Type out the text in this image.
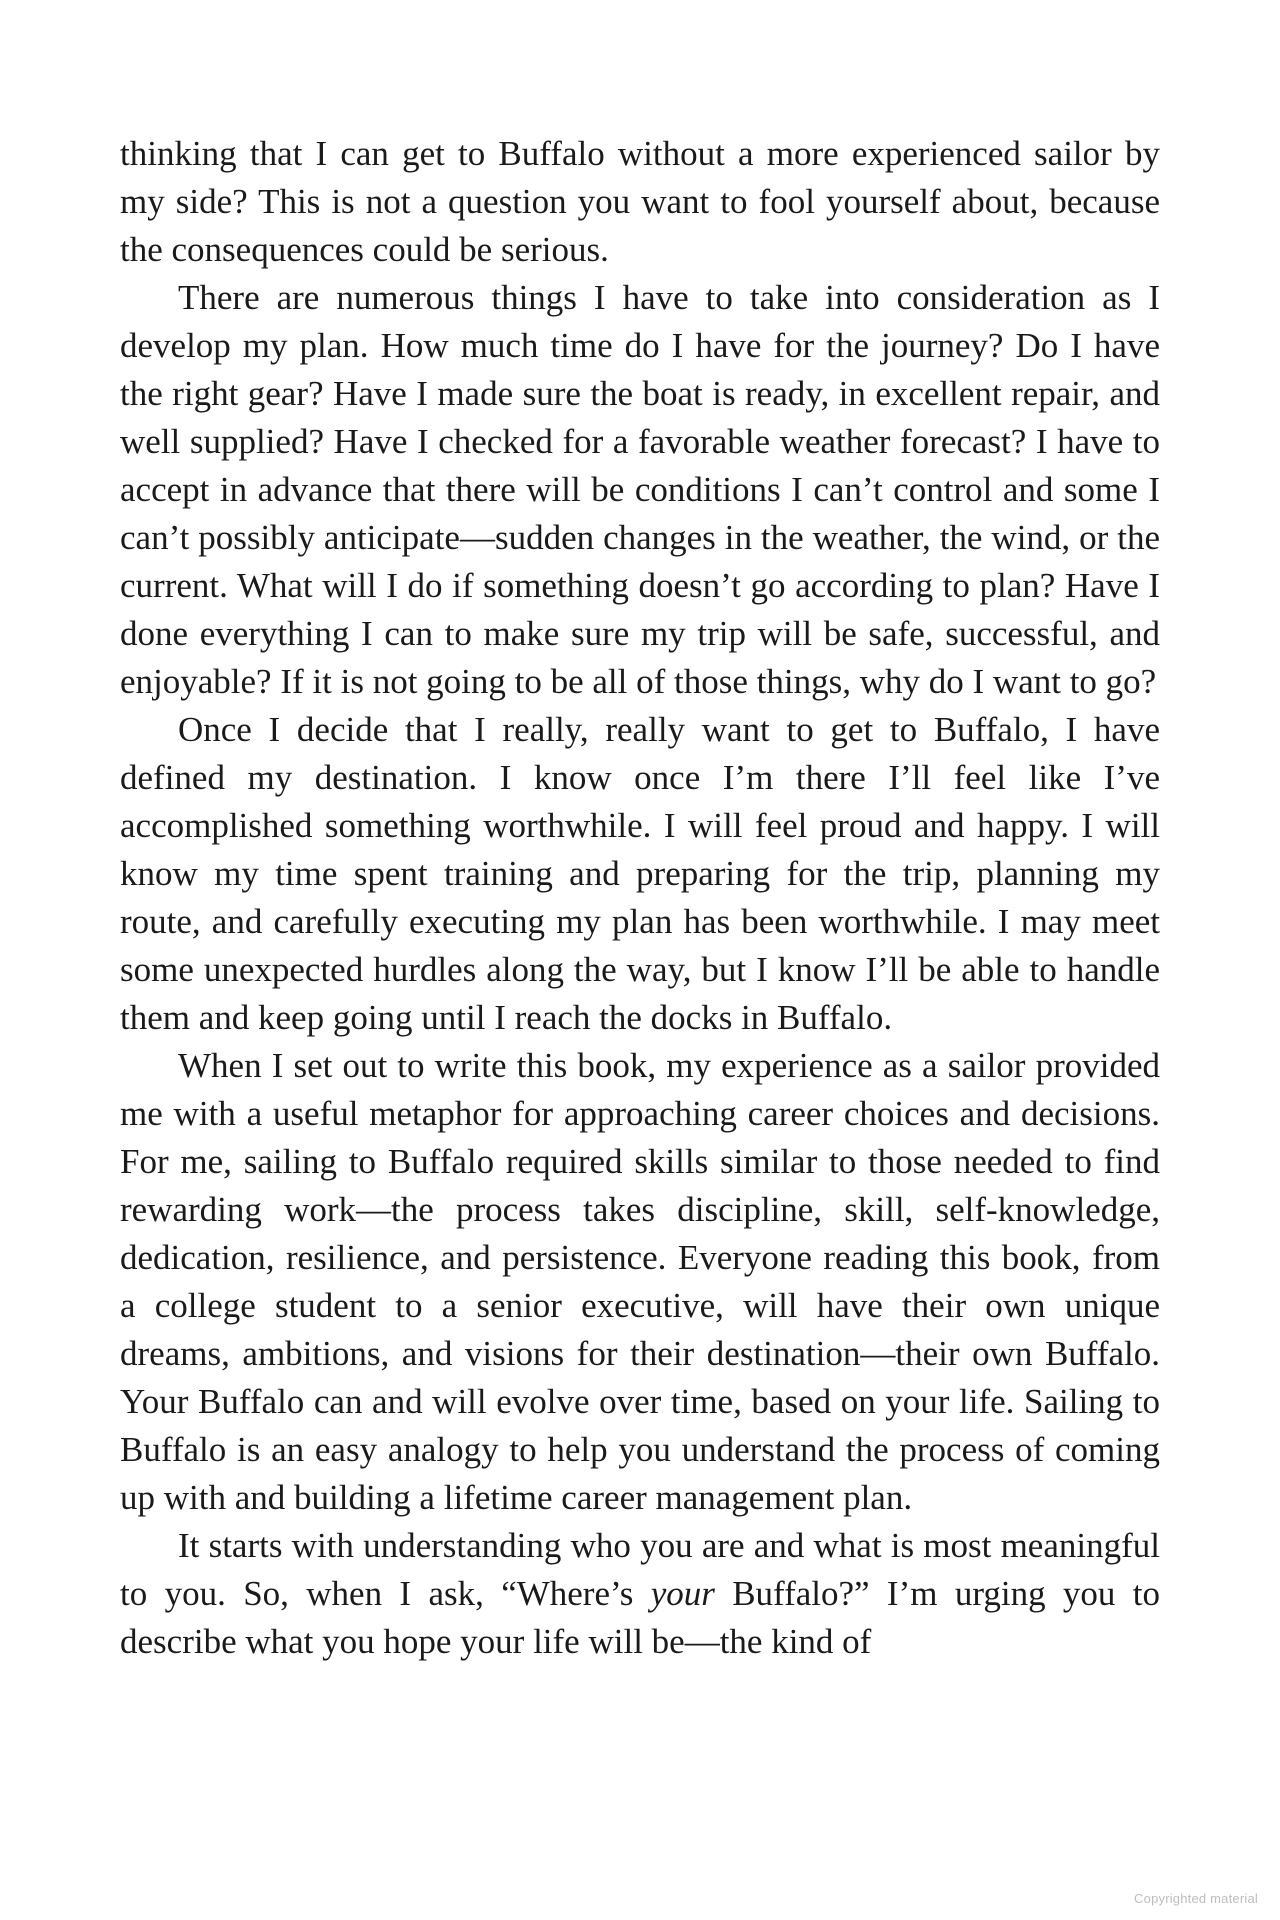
thinking that I can get to Buffalo without a more experienced sailor by my side? This is not a question you want to fool yourself about, because the consequences could be serious.

There are numerous things I have to take into consideration as I develop my plan. How much time do I have for the journey? Do I have the right gear? Have I made sure the boat is ready, in excellent repair, and well supplied? Have I checked for a favorable weather forecast? I have to accept in advance that there will be conditions I can’t control and some I can’t possibly anticipate—sudden changes in the weather, the wind, or the current. What will I do if something doesn’t go according to plan? Have I done everything I can to make sure my trip will be safe, successful, and enjoyable? If it is not going to be all of those things, why do I want to go?

Once I decide that I really, really want to get to Buffalo, I have defined my destination. I know once I’m there I’ll feel like I’ve accomplished something worthwhile. I will feel proud and happy. I will know my time spent training and preparing for the trip, planning my route, and carefully executing my plan has been worthwhile. I may meet some unexpected hurdles along the way, but I know I’ll be able to handle them and keep going until I reach the docks in Buffalo.

When I set out to write this book, my experience as a sailor provided me with a useful metaphor for approaching career choices and decisions. For me, sailing to Buffalo required skills similar to those needed to find rewarding work—the process takes discipline, skill, self-knowledge, dedication, resilience, and persistence. Everyone reading this book, from a college student to a senior executive, will have their own unique dreams, ambitions, and visions for their destination—their own Buffalo. Your Buffalo can and will evolve over time, based on your life. Sailing to Buffalo is an easy analogy to help you understand the process of coming up with and building a lifetime career management plan.

It starts with understanding who you are and what is most meaningful to you. So, when I ask, “Where’s your Buffalo?” I’m urging you to describe what you hope your life will be—the kind of

Copyrighted material
